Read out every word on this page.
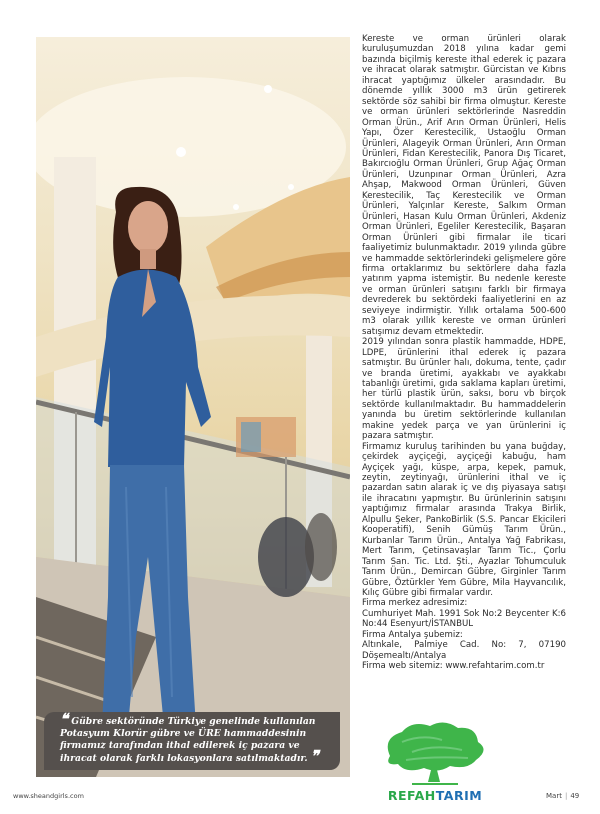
❝ Gübre sektöründe Türkiye genelinde kullanılan Potasyum Klorür gübre ve ÜRE hammaddesinin firmamız tarafından ithal edilerek iç pazara ve ihracat olarak farklı lokasyonlara satılmaktadır. ❞

Kereste ve orman ürünleri olarak kuruluşumuzdan 2018 yılına kadar gemi bazında biçilmiş kereste ithal ederek iç pazara ve ihracat olarak satmıştır. Gürcistan ve Kıbrıs ihracat yaptığımız ülkeler arasındadır. Bu dönemde yıllık 3000 m3 ürün getirerek sektörde söz sahibi bir firma olmuştur. Kereste ve orman ürünleri sektörlerinde Nasreddin Orman Ürün., Arif Arın Orman Ürünleri, Helis Yapı, Özer Kerestecilik, Ustaoğlu Orman Ürünleri, Alageyik Orman Ürünleri, Arın Orman Ürünleri, Fidan Kerestecilik, Panora Dış Ticaret, Bakırcıoğlu Orman Ürünleri, Grup Ağaç Orman Ürünleri, Uzunpınar Orman Ürünleri, Azra Ahşap, Makwood Orman Ürünleri, Güven Kerestecilik, Taç Kerestecilik ve Orman Ürünleri, Yalçınlar Kereste, Salkım Orman Ürünleri, Hasan Kulu Orman Ürünleri, Akdeniz Orman Ürünleri, Egeliler Kerestecilik, Başaran Orman Ürünleri gibi firmalar ile ticari faaliyetimiz bulunmaktadır. 2019 yılında gübre ve hammadde sektörlerindeki gelişmelere göre firma ortaklarımız bu sektörlere daha fazla yatırım yapma istemiştir. Bu nedenle kereste ve orman ürünleri satışını farklı bir firmaya devrederek bu sektördeki faaliyetlerini en az seviyeye indirmiştir. Yıllık ortalama 500-600 m3 olarak yıllık kereste ve orman ürünleri satışımız devam etmektedir.

2019 yılından sonra plastik hammadde, HDPE, LDPE, ürünlerini ithal ederek iç pazara satmıştır. Bu ürünler halı, dokuma, tente, çadır ve branda üretimi, ayakkabı ve ayakkabı tabanlığı üretimi, gıda saklama kapları üretimi, her türlü plastik ürün, saksı, boru vb birçok sektörde kullanılmaktadır. Bu hammaddelerin yanında bu üretim sektörlerinde kullanılan makine yedek parça ve yan ürünlerini iç pazara satmıştır.

Firmamız kuruluş tarihinden bu yana buğday, çekirdek ayçiçeği, ayçiçeği kabuğu, ham Ayçiçek yağı, küspe, arpa, kepek, pamuk, zeytin, zeytinyağı, ürünlerini ithal ve iç pazardan satın alarak iç ve dış piyasaya satışı ile ihracatını yapmıştır. Bu ürünlerinin satışını yaptığımız firmalar arasında Trakya Birlik, Alpullu Şeker, PankoBirlik (S.S. Pancar Ekicileri Kooperatifi), Senih Gümüş Tarım Ürün., Kurbanlar Tarım Ürün., Antalya Yağ Fabrikası, Mert Tarım, Çetinsavaşlar Tarım Tic., Çorlu Tarım San. Tic. Ltd. Şti., Ayazlar Tohumculuk Tarım Ürün., Demircan Gübre, Girginler Tarım Gübre, Öztürkler Yem Gübre, Mila Hayvancılık, Kılıç Gübre gibi firmalar vardır.

Firma merkez adresimiz:

Cumhuriyet Mah. 1991 Sok No:2 Beycenter K:6 No:44 Esenyurt/İSTANBUL

Firma Antalya şubemiz:

Altınkale, Palmiye Cad. No: 7, 07190 Döşemealtı/Antalya

Firma web sitemiz: www.refahtarim.com.tr

REFAHTARIM
www.sheandgirls.com	Mart | 49
